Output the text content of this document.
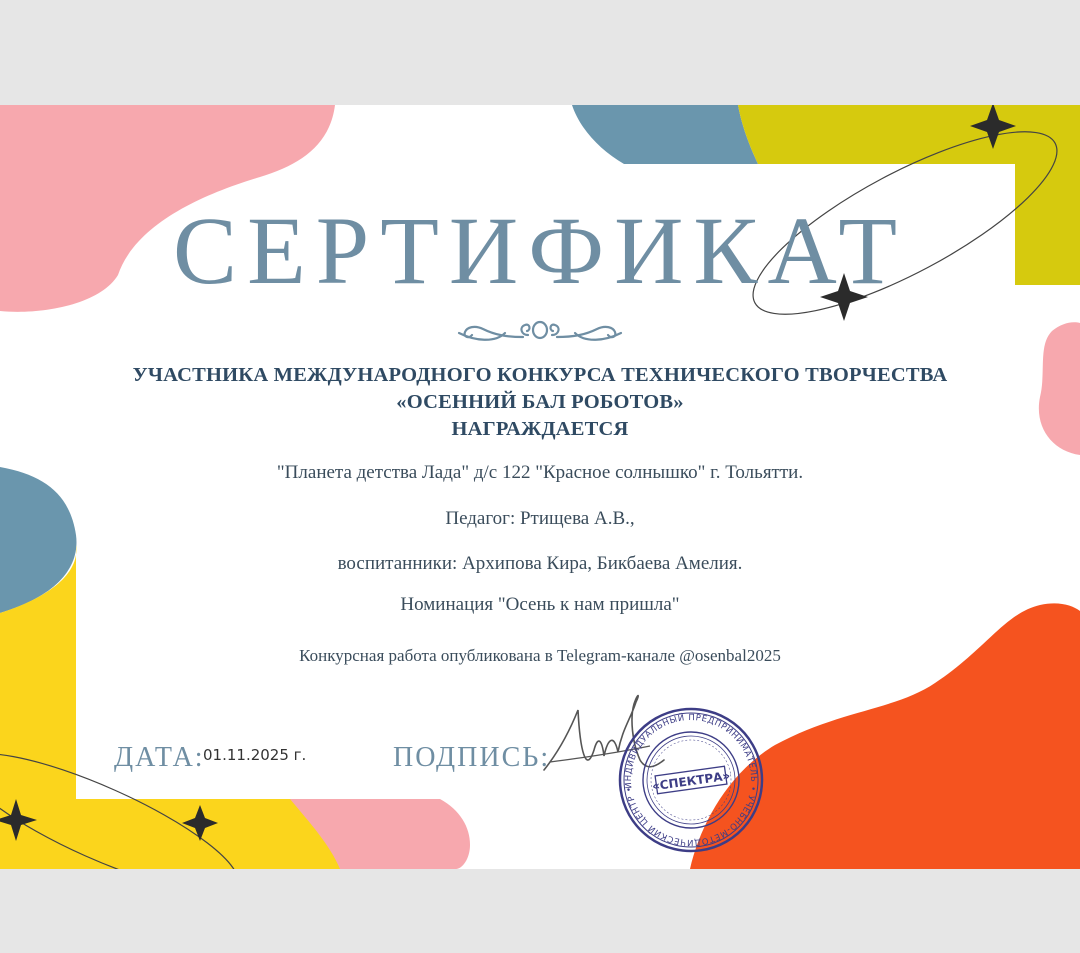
СЕРТИФИКАТ

УЧАСТНИКА МЕЖДУНАРОДНОГО КОНКУРСА ТЕХНИЧЕСКОГО ТВОРЧЕСТВА

«ОСЕННИЙ БАЛ РОБОТОВ»

НАГРАЖДАЕТСЯ

"Планета детства Лада" д/с 122 "Красное солнышко" г. Тольятти.

Педагог: Ртищева А.В.,

воспитанники: Архипова Кира, Бикбаева Амелия.

Номинация "Осень к нам пришла"

Конкурсная работа опубликована в Telegram-канале @osenbal2025

ДАТА:

01.11.2025 г.	ПОДПИСЬ:

ИНДИВИДУАЛЬНЫЙ ПРЕДПРИНИМАТЕЛЬ • УЧЕБНО-МЕТОДИЧЕСКИЙ ЦЕНТР •	«СПЕКТРА»
